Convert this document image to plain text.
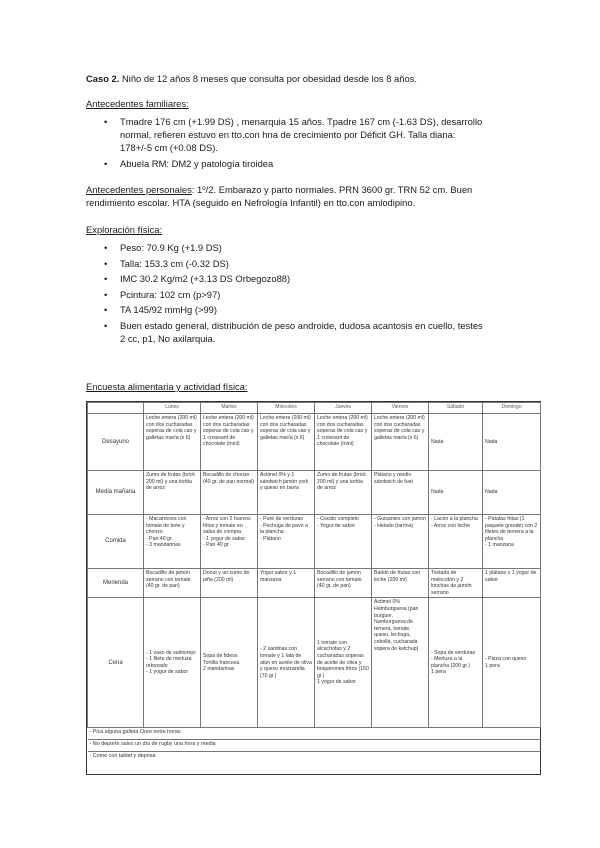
Caso 2. Niño de 12 años 8 meses que consulta por obesidad desde los 8 años.
Antecedentes familiares:
• Tmadre 176 cm (+1.99 DS) , menarquia 15 años. Tpadre 167 cm (-1.63 DS), desarrollo
normal, refieren estuvo en tto.con hna de crecimiento por Déficit GH. Talla diana:
178+/-5 cm (+0.08 DS).
• Abuela RM: DM2 y patología tiroidea
Antecedentes personales: 1º/2. Embarazo y parto normales. PRN 3600 gr. TRN 52 cm. Buen
rendimiento escolar. HTA (seguido en Nefrología Infantil) en tto.con amlodipino.
Exploración física:
• Peso: 70.9 Kg (+1.9 DS)
• Talla: 153.3 cm (-0.32 DS)
• IMC 30.2 Kg/m2 (+3.13 DS Orbegozo88)
• Pcintura: 102 cm (p>97)
• TA 145/92 mmHg (>99)
• Buen estado general, distribución de peso androide, dudosa acantosis en cuello, testes
2 cc, p1, No axilarquia.
Encuesta alimentaria y actividad física:
	Lunes	Martes	Miércoles	Jueves	Viernes	Sábado	Domingo
Desayuno	Leche entera (200 ml) con dos cucharadas soperas de cola cao y galletas maría (x 6)	Leche entera (200 ml) con dos cucharadas soperas de cola cao y 1 croissant de chocolate (mini)	Leche entera (200 ml) con dos cucharadas soperas de cola cao y galletas maría (x 6)	Leche entera (200 ml) con dos cucharadas soperas de cola cao y 1 croissant de chocolate (mini)	Leche entera (200 ml) con dos cucharadas soperas de cola cao y galletas maría (x 6)	Nada	Nada
Media mañana	Zumo de frutas (brick 200 ml) y una tortita de arroz	Bocadillo de chorizo (40 gr. de pan normal)	Actimel 0% y 1 sándwich jamón york y queso en barra	Zumo de frutas (brick 200 ml) y una tortita de arroz	Plátano y medio sándwich de fuet	Nada	Nada
Comida	- Macarrones con tomate de bote y chorizo
- Pan 40 gr.
- 3 mandarinas	- Arroz con 2 huevos fritos y tomate en salsa de compra
- 1 yogur de sabor
- Pan 40 gr.	- Puré de verduras
- Pechuga de pavo a la plancha
- Plátano	- Cocido completo
- Yogur de sabor	- Guisantes con jamón
- Helado (tarrina)	- Lacón a la plancha
- Arroz con leche	- Patatas fritas (1 paquete grande) con 2 filetes de ternera a la plancha
- 1 manzana
Merienda	Bocadillo de jamón serrano con tomate (40 gr. de pan)	Donut y un zumo de piña (200 ml)	Yogur sabor y 1 manzana	Bocadillo de jamón serrano con tomate (40 gr. de pan)	Batido de frutas con leche (200 ml)	Tostada de melocotón y 2 lonchas de jamón serrano	1 plátano y 1 yogur de sabor
Cena	- 1 vaso de salmorejo
- 1 filete de merluza rebozado
- 1 yogur de sabor	Sopa de fideos
Tortilla francesa
2 mandarinas	- 2 sardinas con tomate y 1 lata de atún en aceite de oliva y queso mozzarella (70 gr.)	1 tomate con alcachofas y 2 cucharadas soperas de aceite de oliva y boquerones fritos (150 gr.)
1 yogur de sabor	Actimel 0%
Hamburguesa (pan burguer, hamburguesa de ternera, tomate, queso, lechuga, cebolla, cucharada sopera de ketchup)	- Sopa de verduras
- Merluza a la plancha (200 gr.)
1 pera	- Pizza con queso
1 pera
- Pica alguna galleta Oreo entre horas							
- No deporte salvo un día de rugby una hora y media							
- Come con tablet y deprisa							
